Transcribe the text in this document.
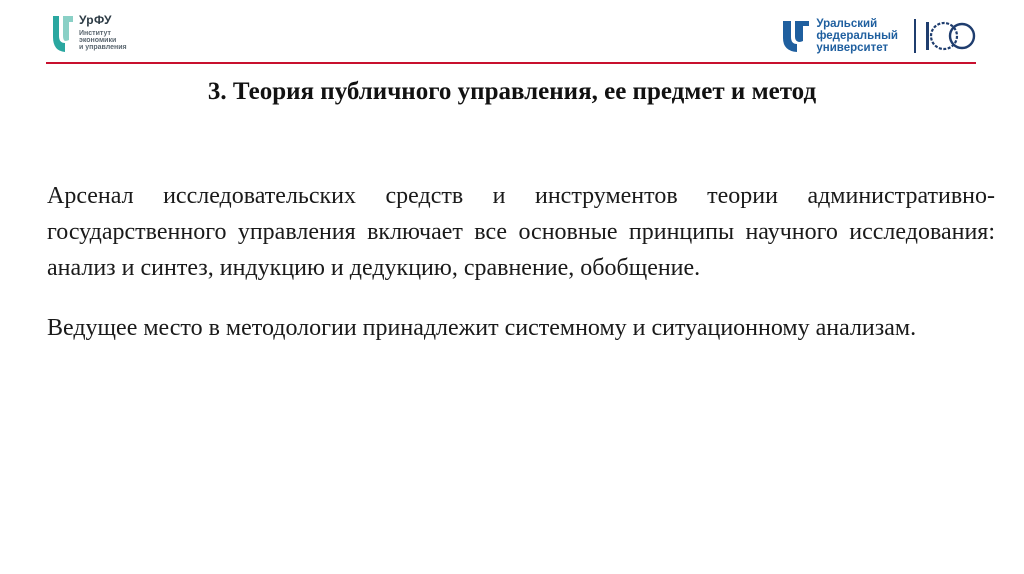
УрФУ
Институт
экономики
и управления
Уральский
федеральный
университет
3. Теория публичного управления, ее предмет и метод

Арсенал исследовательских средств и инструментов теории административно-государственного управления включает все основные принципы научного исследования: анализ и синтез, индукцию и дедукцию, сравнение, обобщение.

Ведущее место в методологии принадлежит системному и ситуационному анализам.
